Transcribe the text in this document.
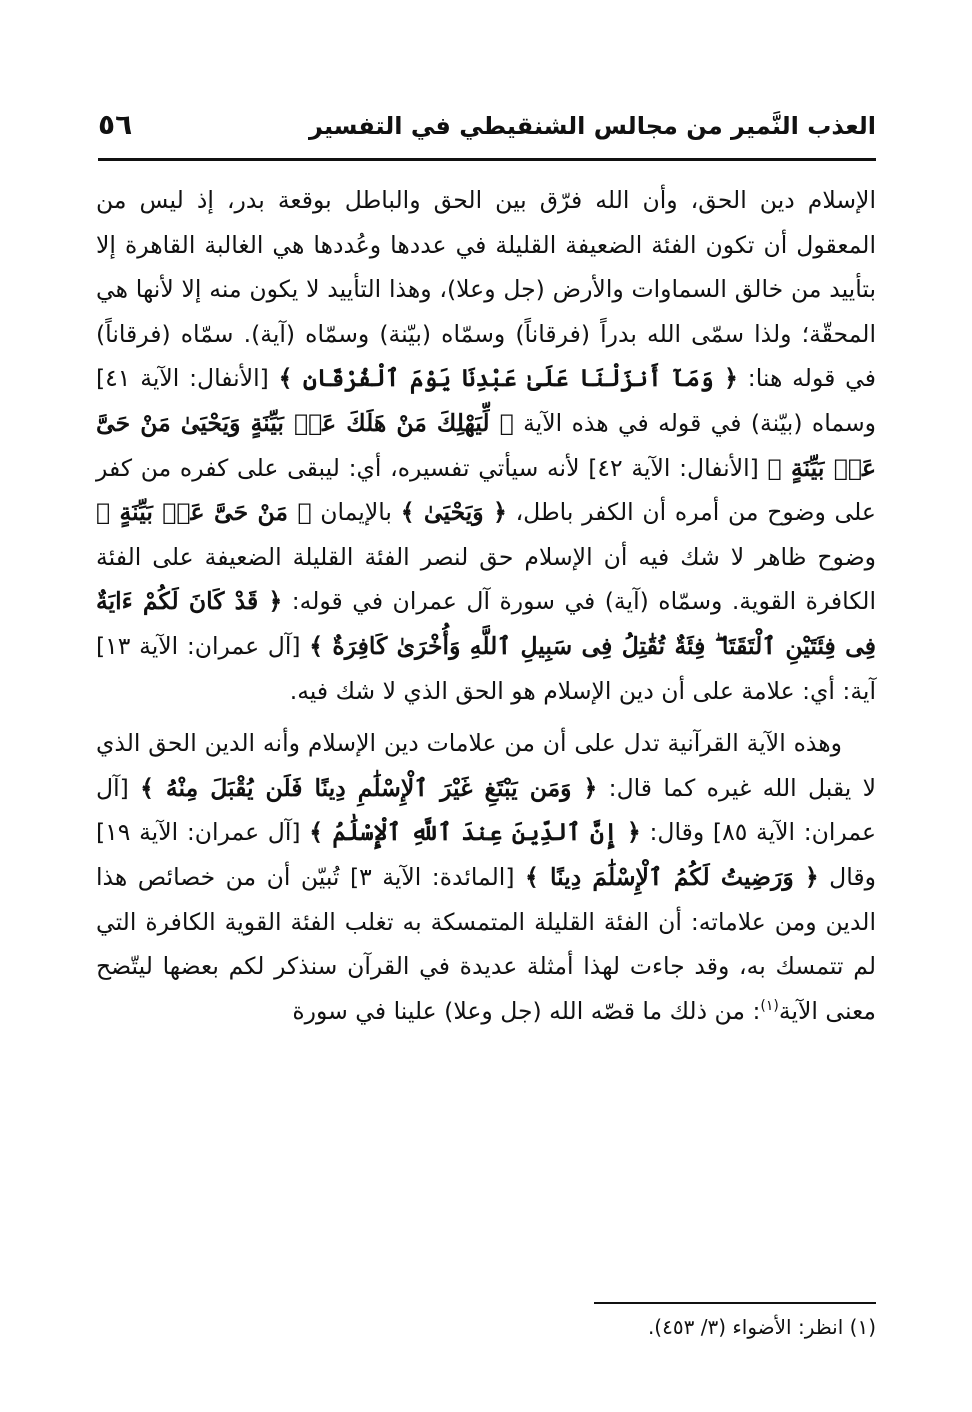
العذب النَّمير من مجالس الشنقيطي في التفسير
٥٦

الإسلام دين الحق، وأن الله فرّق بين الحق والباطل بوقعة بدر، إذ ليس من المعقول أن تكون الفئة الضعيفة القليلة في عددها وعُددها هي الغالبة القاهرة إلا بتأييد من خالق السماوات والأرض (جل وعلا)، وهذا التأييد لا يكون منه إلا لأنها هي المحقّة؛ ولذا سمّى الله بدراً (فرقاناً) وسمّاه (بيّنة) وسمّاه (آية). سمّاه (فرقاناً) في قوله هنا: ﴿ وَمَآ أَنزَلْنَا عَلَىٰ عَبْدِنَا يَوْمَ ٱلْفُرْقَانِ ﴾ [الأنفال: الآية ٤١] وسماه (بيّنة) في قوله في هذه الآية ﴿ لِّيَهْلِكَ مَنْ هَلَكَ عَنۢ بَيِّنَةٍ وَيَحْيَىٰ مَنْ حَىَّ عَنۢ بَيِّنَةٍ ﴾ [الأنفال: الآية ٤٢] لأنه سيأتي تفسيره، أي: ليبقى على كفره من كفر على وضوح من أمره أن الكفر باطل، ﴿ وَيَحْيَىٰ ﴾ بالإيمان ﴿ مَنْ حَىَّ عَنۢ بَيِّنَةٍ ﴾ وضوح ظاهر لا شك فيه أن الإسلام حق لنصر الفئة القليلة الضعيفة على الفئة الكافرة القوية. وسمّاه (آية) في سورة آل عمران في قوله: ﴿ قَدْ كَانَ لَكُمْ ءَايَةٌ فِى فِئَتَيْنِ ٱلْتَقَتَا ۖ فِئَةٌ تُقَٰتِلُ فِى سَبِيلِ ٱللَّهِ وَأُخْرَىٰ كَافِرَةٌ ﴾ [آل عمران: الآية ١٣] آية: أي: علامة على أن دين الإسلام هو الحق الذي لا شك فيه.

وهذه الآية القرآنية تدل على أن من علامات دين الإسلام وأنه الدين الحق الذي لا يقبل الله غيره كما قال: ﴿ وَمَن يَبْتَغِ غَيْرَ ٱلْإِسْلَٰمِ دِينًا فَلَن يُقْبَلَ مِنْهُ ﴾ [آل عمران: الآية ٨٥] وقال: ﴿ إِنَّ ٱلدِّينَ عِندَ ٱللَّهِ ٱلْإِسْلَٰمُ ﴾ [آل عمران: الآية ١٩] وقال ﴿ وَرَضِيتُ لَكُمُ ٱلْإِسْلَٰمَ دِينًا ﴾ [المائدة: الآية ٣] تُبيّن أن من خصائص هذا الدين ومن علاماته: أن الفئة القليلة المتمسكة به تغلب الفئة القوية الكافرة التي لم تتمسك به، وقد جاءت لهذا أمثلة عديدة في القرآن سنذكر لكم بعضها ليتّضح معنى الآية$^{(١)}$: من ذلك ما قصّه الله (جل وعلا) علينا في سورة

(١) انظر: الأضواء (٣/ ٤٥٣).
